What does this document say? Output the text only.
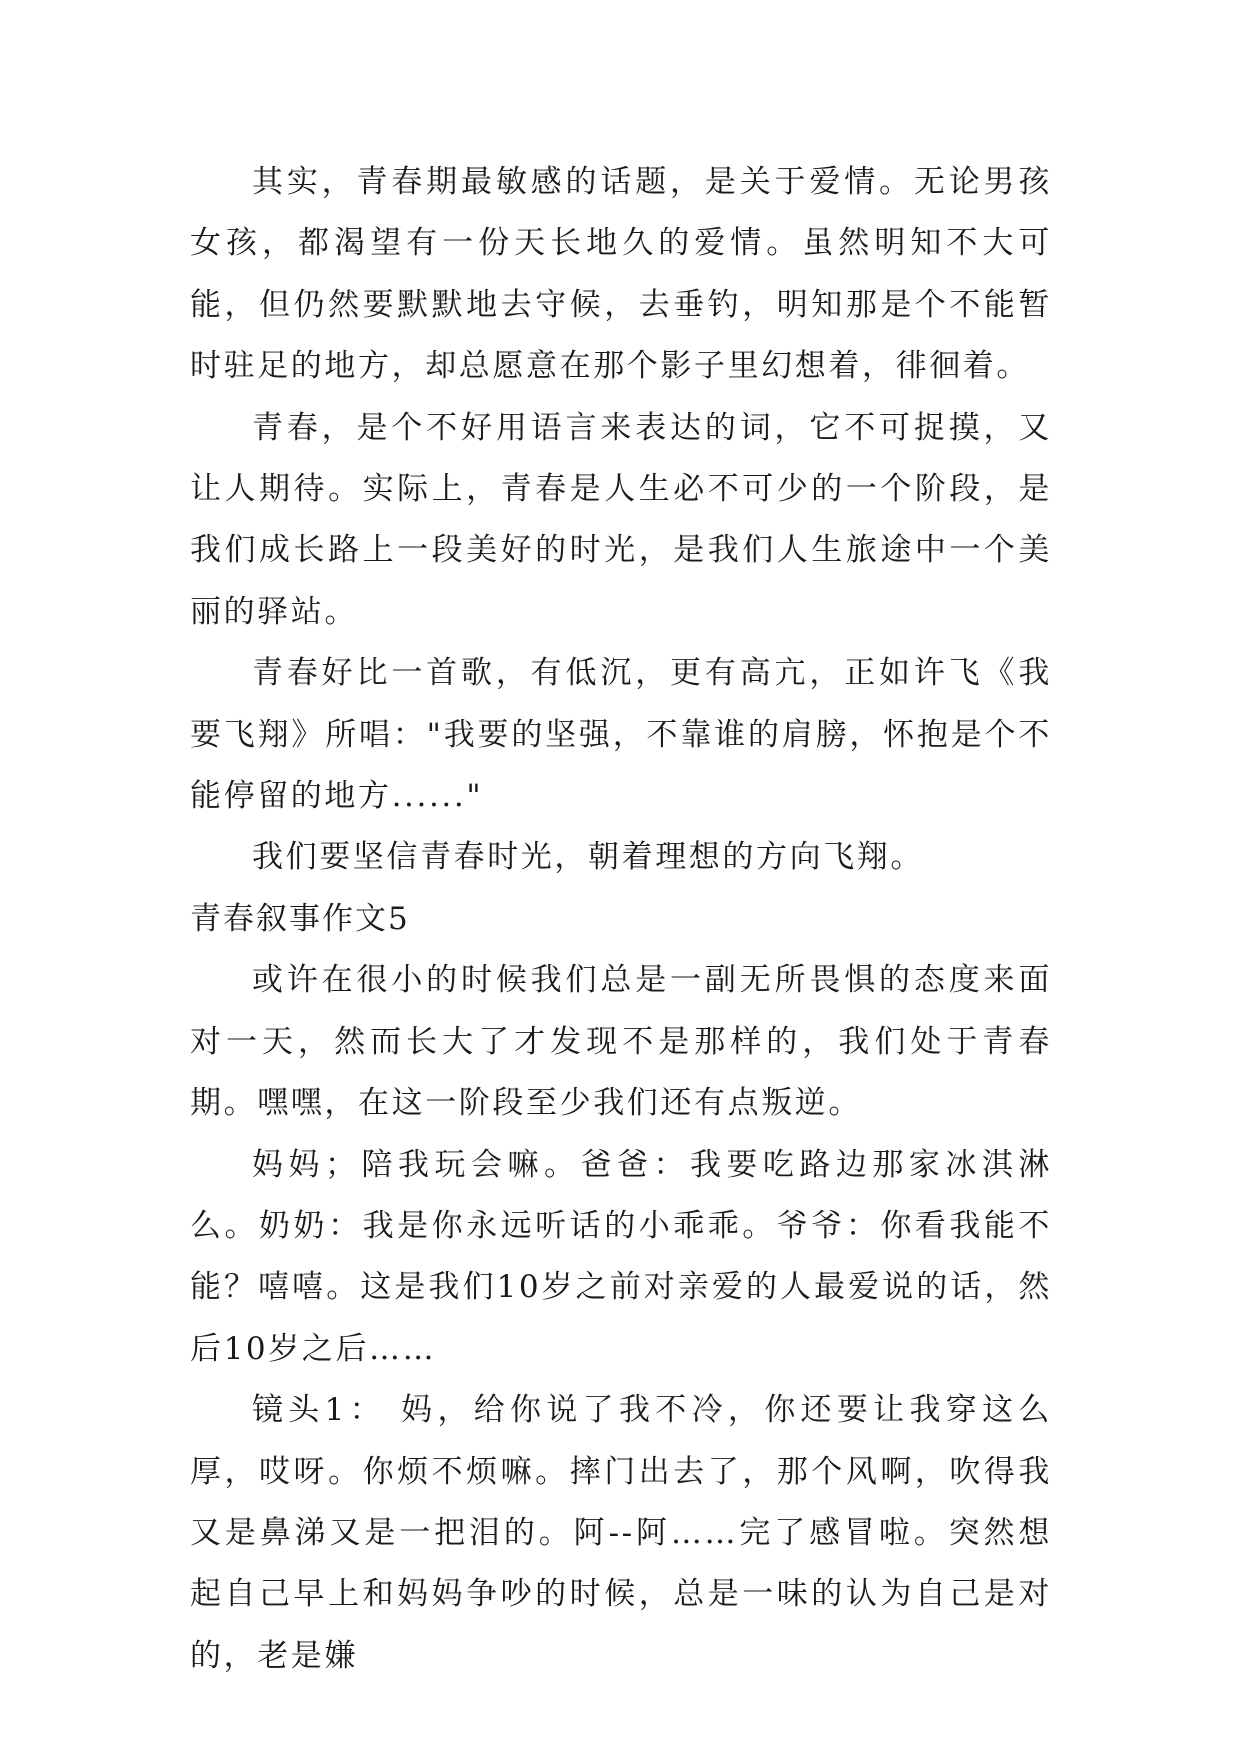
其实，青春期最敏感的话题，是关于爱情。无论男孩女孩，都渴望有一份天长地久的爱情。虽然明知不大可能，但仍然要默默地去守候，去垂钓，明知那是个不能暂时驻足的地方，却总愿意在那个影子里幻想着，徘徊着。

青春，是个不好用语言来表达的词，它不可捉摸，又让人期待。实际上，青春是人生必不可少的一个阶段，是我们成长路上一段美好的时光，是我们人生旅途中一个美丽的驿站。

青春好比一首歌，有低沉，更有高亢，正如许飞《我要飞翔》所唱："我要的坚强，不靠谁的肩膀，怀抱是个不能停留的地方......"

我们要坚信青春时光，朝着理想的方向飞翔。

青春叙事作文5

或许在很小的时候我们总是一副无所畏惧的态度来面对一天，然而长大了才发现不是那样的，我们处于青春期。嘿嘿，在这一阶段至少我们还有点叛逆。

妈妈；陪我玩会嘛。爸爸：我要吃路边那家冰淇淋么。奶奶：我是你永远听话的小乖乖。爷爷：你看我能不能？嘻嘻。这是我们10岁之前对亲爱的人最爱说的话，然后10岁之后……

镜头1： 妈，给你说了我不冷，你还要让我穿这么厚，哎呀。你烦不烦嘛。摔门出去了，那个风啊，吹得我又是鼻涕又是一把泪的。阿--阿……完了感冒啦。突然想起自己早上和妈妈争吵的时候，总是一味的认为自己是对的，老是嫌
